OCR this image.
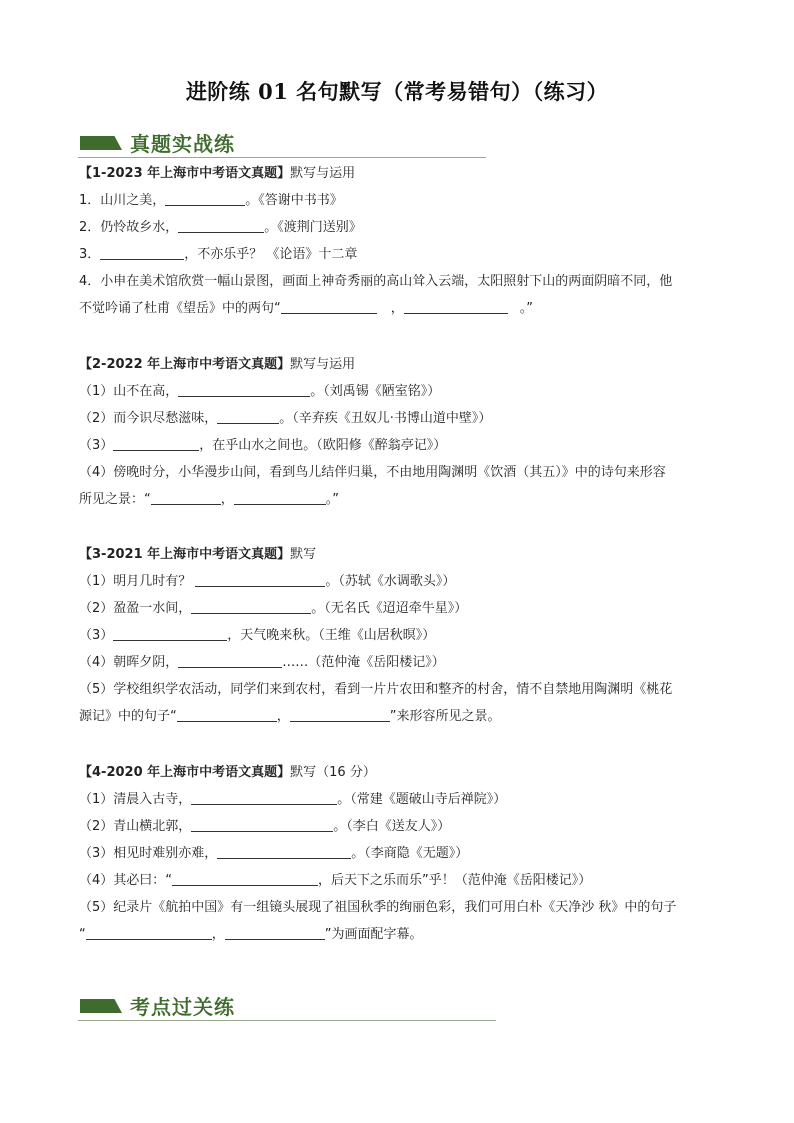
进阶练 01 名句默写（常考易错句）（练习）
真题实战练
【1-2023 年上海市中考语文真题】默写与运用
1．山川之美，	。《答谢中书书》
2．仍怜故乡水，	。《渡荆门送别》
3．	，不亦乐乎？ 《论语》十二章
4．小申在美术馆欣赏一幅山景图，画面上神奇秀丽的高山耸入云端，太阳照射下山的两面阴暗不同，他
不觉吟诵了杜甫《望岳》中的两句“	，	。”
【2-2022 年上海市中考语文真题】默写与运用
（1）山不在高，	。（刘禹锡《陋室铭》）
（2）而今识尽愁滋味，	。（辛弃疾《丑奴儿·书博山道中壁》）
（3）	，在乎山水之间也。（欧阳修《醉翁亭记》）
（4）傍晚时分，小华漫步山间，看到鸟儿结伴归巢，不由地用陶渊明《饮酒（其五）》中的诗句来形容
所见之景：“	，	。”
【3-2021 年上海市中考语文真题】默写
（1）明月几时有？	。（苏轼《水调歌头》）
（2）盈盈一水间，	。（无名氏《迢迢牵牛星》）
（3）	，天气晚来秋。（王维《山居秋暝》）
（4）朝晖夕阴，	……（范仲淹《岳阳楼记》）
（5）学校组织学农活动，同学们来到农村，看到一片片农田和整齐的村舍，情不自禁地用陶渊明《桃花
源记》中的句子“	，	”来形容所见之景。
【4-2020 年上海市中考语文真题】默写（16 分）
（1）清晨入古寺，	。（常建《题破山寺后禅院》）
（2）青山横北郭，	。（李白《送友人》）
（3）相见时难别亦难，	。（李商隐《无题》）
（4）其必曰：“	，后天下之乐而乐”乎！（范仲淹《岳阳楼记》）
（5）纪录片《航拍中国》有一组镜头展现了祖国秋季的绚丽色彩，我们可用白朴《天净沙 秋》中的句子
“	，	”为画面配字幕。
考点过关练
